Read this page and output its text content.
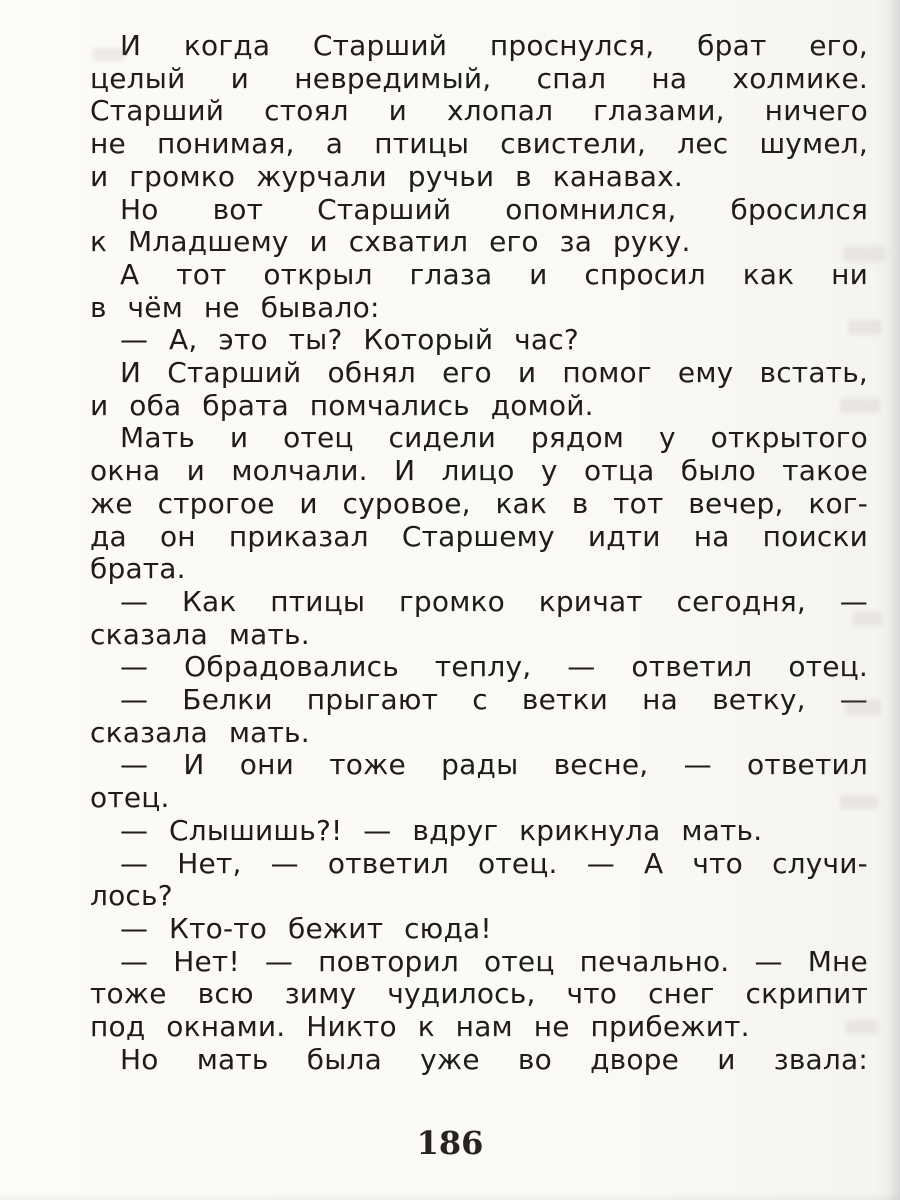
И когда Старший проснулся, брат его,
целый и невредимый, спал на холмике.
Старший стоял и хлопал глазами, ничего
не понимая, а птицы свистели, лес шумел,
и громко журчали ручьи в канавах.
Но вот Старший опомнился, бросился
к Младшему и схватил его за руку.
А тот открыл глаза и спросил как ни
в чём не бывало:
— А, это ты? Который час?
И Старший обнял его и помог ему встать,
и оба брата помчались домой.
Мать и отец сидели рядом у открытого
окна и молчали. И лицо у отца было такое
же строгое и суровое, как в тот вечер, ког-
да он приказал Старшему идти на поиски
брата.
— Как птицы громко кричат сегодня, —
сказала мать.
— Обрадовались теплу, — ответил отец.
— Белки прыгают с ветки на ветку, —
сказала мать.
— И они тоже рады весне, — ответил
отец.
— Слышишь?! — вдруг крикнула мать.
— Нет, — ответил отец. — А что случи-
лось?
— Кто-то бежит сюда!
— Нет! — повторил отец печально. — Мне
тоже всю зиму чудилось, что снег скрипит
под окнами. Никто к нам не прибежит.
Но мать была уже во дворе и звала:
186
